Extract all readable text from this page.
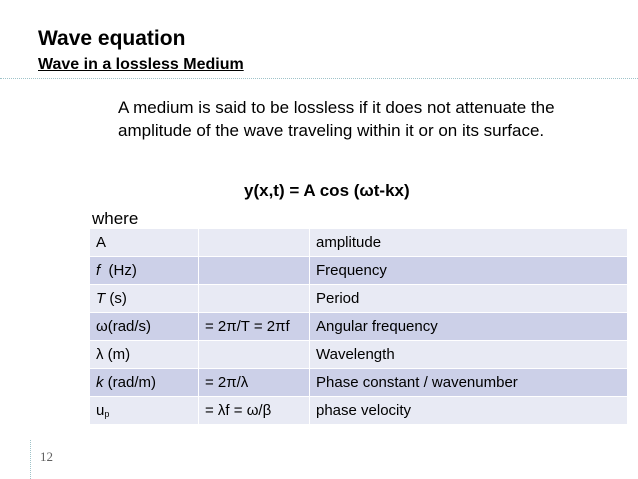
Wave equation
Wave in a lossless Medium
A medium is said to be lossless if it does not attenuate the amplitude of the wave traveling within it or on its surface.
y(x,t) = A cos (ωt-kx)
where
A		amplitude
f  (Hz)		Frequency
T (s)		Period
ω(rad/s)	= 2π/T = 2πf	Angular frequency
λ (m)		Wavelength
k (rad/m)	= 2π/λ	Phase constant / wavenumber
$u_p$	= λf = ω/β	phase velocity
12
